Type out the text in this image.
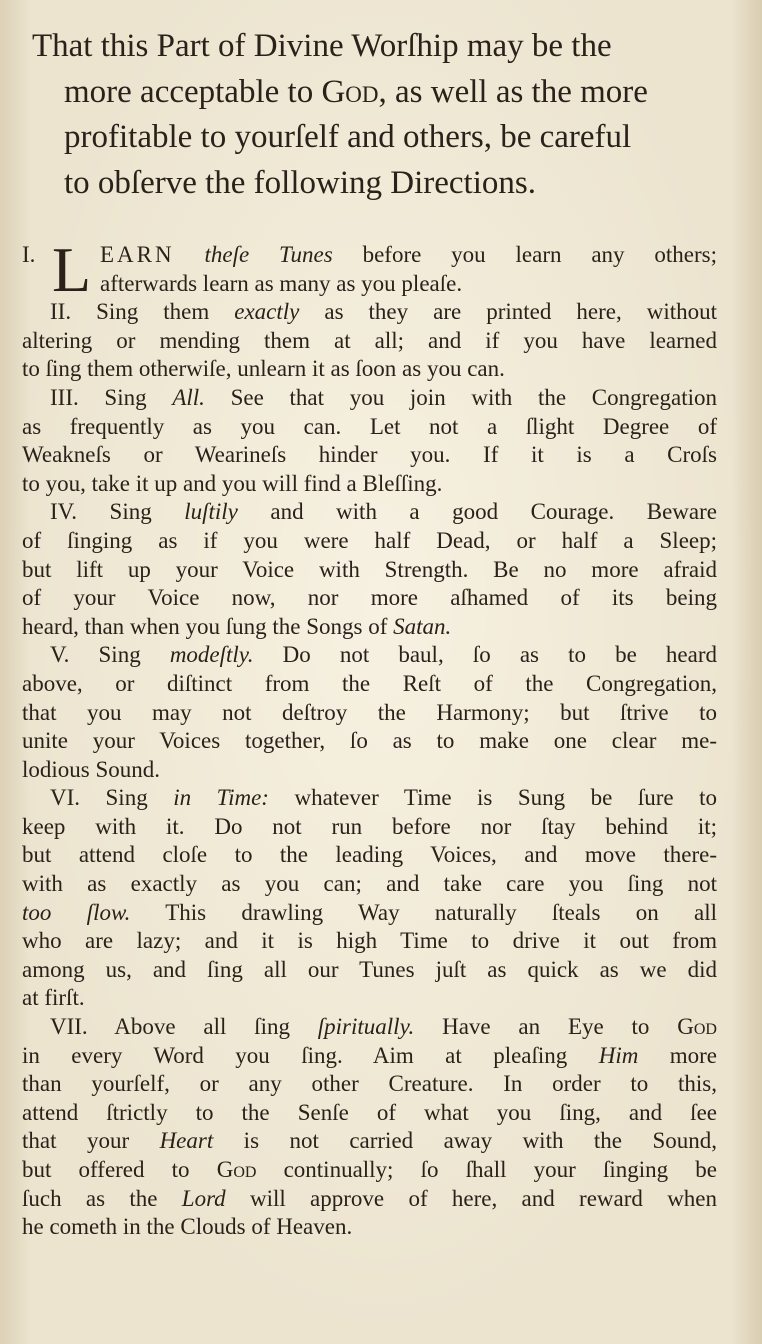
That this Part of Divine Worſhip may be the
more acceptable to God, as well as the more
profitable to yourſelf and others, be careful
to obſerve the following Directions.
L
I.	EARN theſe Tunes before you learn any others;
afterwards learn as many as you pleaſe.
II. Sing them exactly as they are printed here, without
altering or mending them at all; and if you have learned
to ſing them otherwiſe, unlearn it as ſoon as you can.
III. Sing All. See that you join with the Congregation
as frequently as you can. Let not a ſlight Degree of
Weakneſs or Wearineſs hinder you. If it is a Croſs
to you, take it up and you will find a Bleſſing.
IV. Sing luſtily and with a good Courage. Beware
of ſinging as if you were half Dead, or half a Sleep;
but lift up your Voice with Strength. Be no more afraid
of your Voice now, nor more aſhamed of its being
heard, than when you ſung the Songs of Satan.
V. Sing modeſtly. Do not baul, ſo as to be heard
above, or diſtinct from the Reſt of the Congregation,
that you may not deſtroy the Harmony; but ſtrive to
unite your Voices together, ſo as to make one clear me-
lodious Sound.
VI. Sing in Time: whatever Time is Sung be ſure to
keep with it. Do not run before nor ſtay behind it;
but attend cloſe to the leading Voices, and move there-
with as exactly as you can; and take care you ſing not
too ſlow. This drawling Way naturally ſteals on all
who are lazy; and it is high Time to drive it out from
among us, and ſing all our Tunes juſt as quick as we did
at firſt.
VII. Above all ſing ſpiritually. Have an Eye to God
in every Word you ſing. Aim at pleaſing Him more
than yourſelf, or any other Creature. In order to this,
attend ſtrictly to the Senſe of what you ſing, and ſee
that your Heart is not carried away with the Sound,
but offered to God continually; ſo ſhall your ſinging be
ſuch as the Lord will approve of here, and reward when
he cometh in the Clouds of Heaven.
